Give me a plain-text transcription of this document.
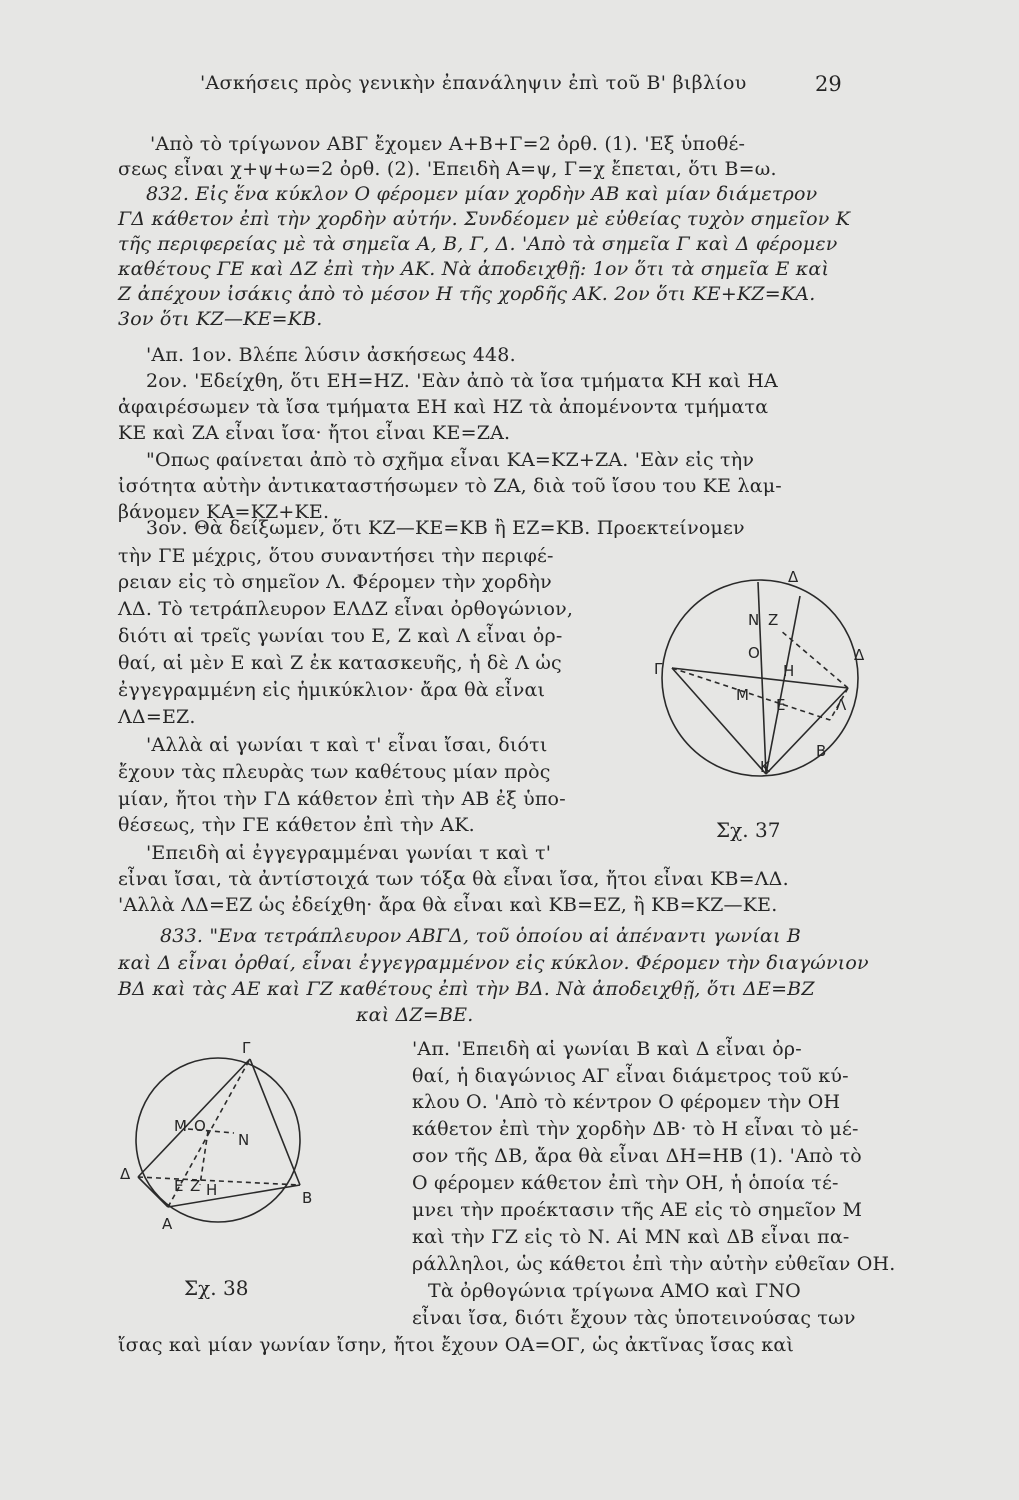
'Ασκήσεις πρὸς γενικὴν ἐπανάληψιν ἐπὶ τοῦ Β' βιβλίου	29
'Απὸ τὸ τρίγωνον ΑΒΓ ἔχομεν Α+Β+Γ=2 ὀρθ. (1). 'Εξ ὑποθέ-
σεως εἶναι χ+ψ+ω=2 ὀρθ. (2). 'Επειδὴ Α=ψ, Γ=χ ἔπεται, ὅτι Β=ω.
832. Εἰς ἕνα κύκλον Ο φέρομεν μίαν χορδὴν ΑΒ καὶ μίαν διάμετρον
ΓΔ κάθετον ἐπὶ τὴν χορδὴν αὐτήν. Συνδέομεν μὲ εὐθείας τυχὸν σημεῖον Κ
τῆς περιφερείας μὲ τὰ σημεῖα Α, Β, Γ, Δ. 'Απὸ τὰ σημεῖα Γ καὶ Δ φέρομεν
καθέτους ΓΕ καὶ ΔΖ ἐπὶ τὴν ΑΚ. Νὰ ἀποδειχθῇ: 1ον ὅτι τὰ σημεῖα Ε καὶ
Ζ ἀπέχουν ἰσάκις ἀπὸ τὸ μέσον Η τῆς χορδῆς ΑΚ. 2ον ὅτι ΚΕ+ΚΖ=ΚΑ.
3ον ὅτι ΚΖ—ΚΕ=ΚΒ.
'Απ. 1ον. Βλέπε λύσιν ἀσκήσεως 448.
2ον. 'Εδείχθη, ὅτι ΕΗ=ΗΖ. 'Εὰν ἀπὸ τὰ ἴσα τμήματα ΚΗ καὶ ΗΑ
ἀφαιρέσωμεν τὰ ἴσα τμήματα ΕΗ καὶ ΗΖ τὰ ἀπομένοντα τμήματα
ΚΕ καὶ ΖΑ εἶναι ἴσα· ἤτοι εἶναι ΚΕ=ΖΑ.
"Οπως φαίνεται ἀπὸ τὸ σχῆμα εἶναι ΚΑ=ΚΖ+ΖΑ. 'Εὰν εἰς τὴν
ἰσότητα αὐτὴν ἀντικαταστήσωμεν τὸ ΖΑ, διὰ τοῦ ἴσου του ΚΕ λαμ-
βάνομεν ΚΑ=ΚΖ+ΚΕ.
3ον. Θὰ δείξωμεν, ὅτι ΚΖ—ΚΕ=ΚΒ ἢ ΕΖ=ΚΒ. Προεκτείνομεν
τὴν ΓΕ μέχρις, ὅτου συναντήσει τὴν περιφέ-
ρειαν εἰς τὸ σημεῖον Λ. Φέρομεν τὴν χορδὴν
ΛΔ. Τὸ τετράπλευρον ΕΛΔΖ εἶναι ὀρθογώνιον,
διότι αἱ τρεῖς γωνίαι του Ε, Ζ καὶ Λ εἶναι ὀρ-
θαί, αἱ μὲν Ε καὶ Ζ ἐκ κατασκευῆς, ἡ δὲ Λ ὡς
ἐγγεγραμμένη εἰς ἡμικύκλιον· ἄρα θὰ εἶναι
ΛΔ=ΕΖ.
'Αλλὰ αἱ γωνίαι τ καὶ τ' εἶναι ἴσαι, διότι
ἔχουν τὰς πλευρὰς των καθέτους μίαν πρὸς
μίαν, ἤτοι τὴν ΓΔ κάθετον ἐπὶ τὴν ΑΒ ἐξ ὑπο-
θέσεως, τὴν ΓΕ κάθετον ἐπὶ τὴν ΑΚ.
'Επειδὴ αἱ ἐγγεγραμμέναι γωνίαι τ καὶ τ'
εἶναι ἴσαι, τὰ ἀντίστοιχά των τόξα θὰ εἶναι ἴσα, ἤτοι εἶναι ΚΒ=ΛΔ.
'Αλλὰ ΛΔ=ΕΖ ὡς ἐδείχθη· ἄρα θὰ εἶναι καὶ ΚΒ=ΕΖ, ἢ ΚΒ=ΚΖ—ΚΕ.
833. "Ενα τετράπλευρον ΑΒΓΔ, τοῦ ὁποίου αἱ ἀπέναντι γωνίαι Β
καὶ Δ εἶναι ὀρθαί, εἶναι ἐγγεγραμμένον εἰς κύκλον. Φέρομεν τὴν διαγώνιον
ΒΔ καὶ τὰς ΑΕ καὶ ΓΖ καθέτους ἐπὶ τὴν ΒΔ. Νὰ ἀποδειχθῇ, ὅτι ΔΕ=ΒΖ
καὶ ΔΖ=ΒΕ.
'Απ. 'Επειδὴ αἱ γωνίαι Β καὶ Δ εἶναι ὀρ-
θαί, ἡ διαγώνιος ΑΓ εἶναι διάμετρος τοῦ κύ-
κλου Ο. 'Απὸ τὸ κέντρον Ο φέρομεν τὴν ΟΗ
κάθετον ἐπὶ τὴν χορδὴν ΔΒ· τὸ Η εἶναι τὸ μέ-
σον τῆς ΔΒ, ἄρα θὰ εἶναι ΔΗ=ΗΒ (1). 'Απὸ τὸ
Ο φέρομεν κάθετον ἐπὶ τὴν ΟΗ, ἡ ὁποία τέ-
μνει τὴν προέκτασιν τῆς ΑΕ εἰς τὸ σημεῖον Μ
καὶ τὴν ΓΖ εἰς τὸ Ν. Αἱ ΜΝ καὶ ΔΒ εἶναι πα-
ράλληλοι, ὡς κάθετοι ἐπὶ τὴν αὐτὴν εὐθεῖαν ΟΗ.
Τὰ ὀρθογώνια τρίγωνα ΑΜΟ καὶ ΓΝΟ
εἶναι ἴσα, διότι ἔχουν τὰς ὑποτεινούσας των
ἴσας καὶ μίαν γωνίαν ἴσην, ἤτοι ἔχουν ΟΑ=ΟΓ, ὡς ἀκτῖνας ἴσας καὶ
Δ
N Z
O	Δ
Γ	H
M
E	Λ
B
K
Σχ. 37
Γ
M O
N
Δ
E H
Z
B
A
Σχ. 38
